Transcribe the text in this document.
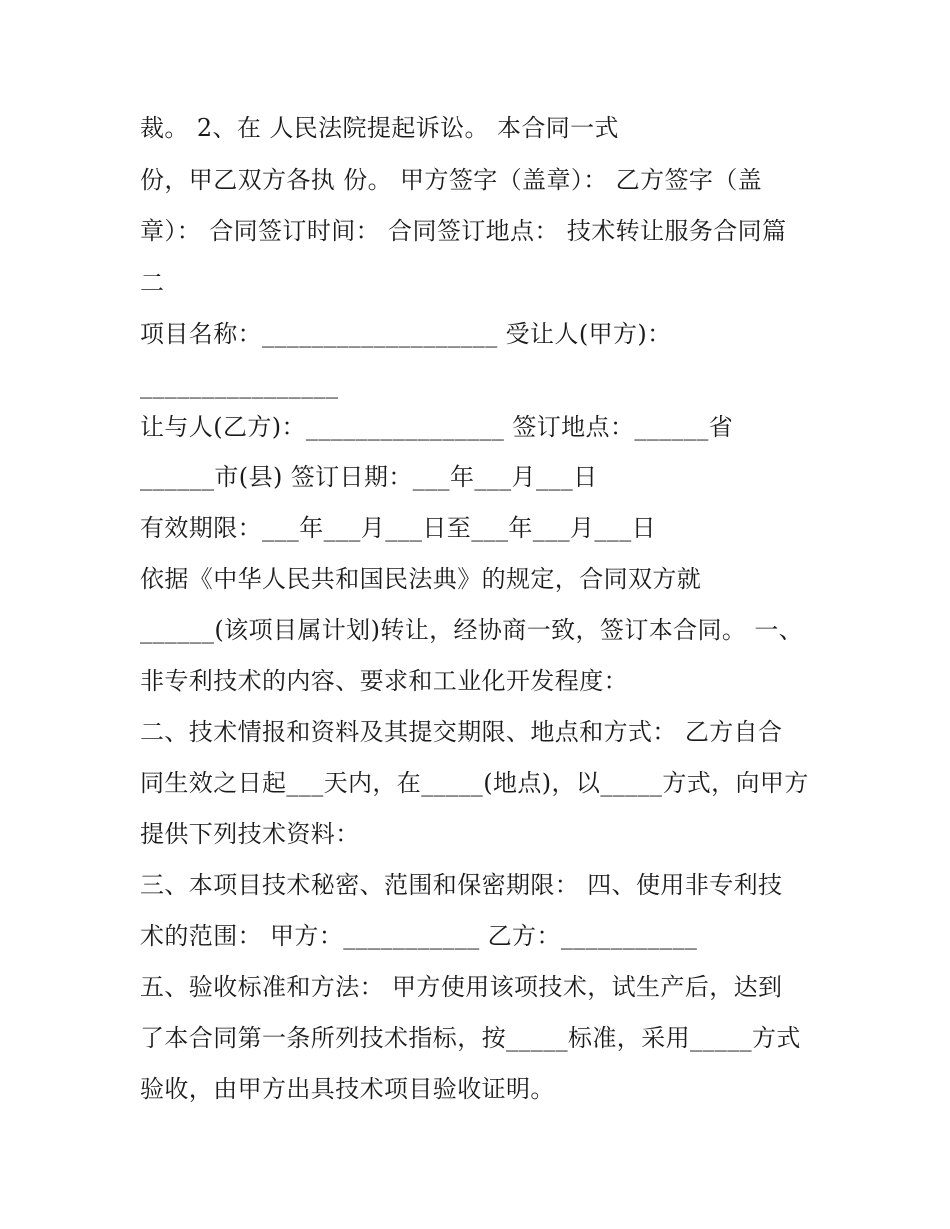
裁。 2、在 人民法院提起诉讼。 本合同一式
份，甲乙双方各执 份。 甲方签字（盖章）： 乙方签字（盖
章）： 合同签订时间： 合同签订地点： 技术转让服务合同篇
二
项目名称：___________________ 受让人(甲方)：
________________
让与人(乙方)：________________ 签订地点：______省
______市(县) 签订日期：___年___月___日
有效期限：___年___月___日至___年___月___日
依据《中华人民共和国民法典》的规定，合同双方就
______(该项目属计划)转让，经协商一致，签订本合同。 一、
非专利技术的内容、要求和工业化开发程度：
二、技术情报和资料及其提交期限、地点和方式： 乙方自合
同生效之日起___天内，在_____(地点)，以_____方式，向甲方
提供下列技术资料：
三、本项目技术秘密、范围和保密期限： 四、使用非专利技
术的范围： 甲方：___________ 乙方：___________
五、验收标准和方法： 甲方使用该项技术，试生产后，达到
了本合同第一条所列技术指标，按_____标准，采用_____方式
验收，由甲方出具技术项目验收证明。
